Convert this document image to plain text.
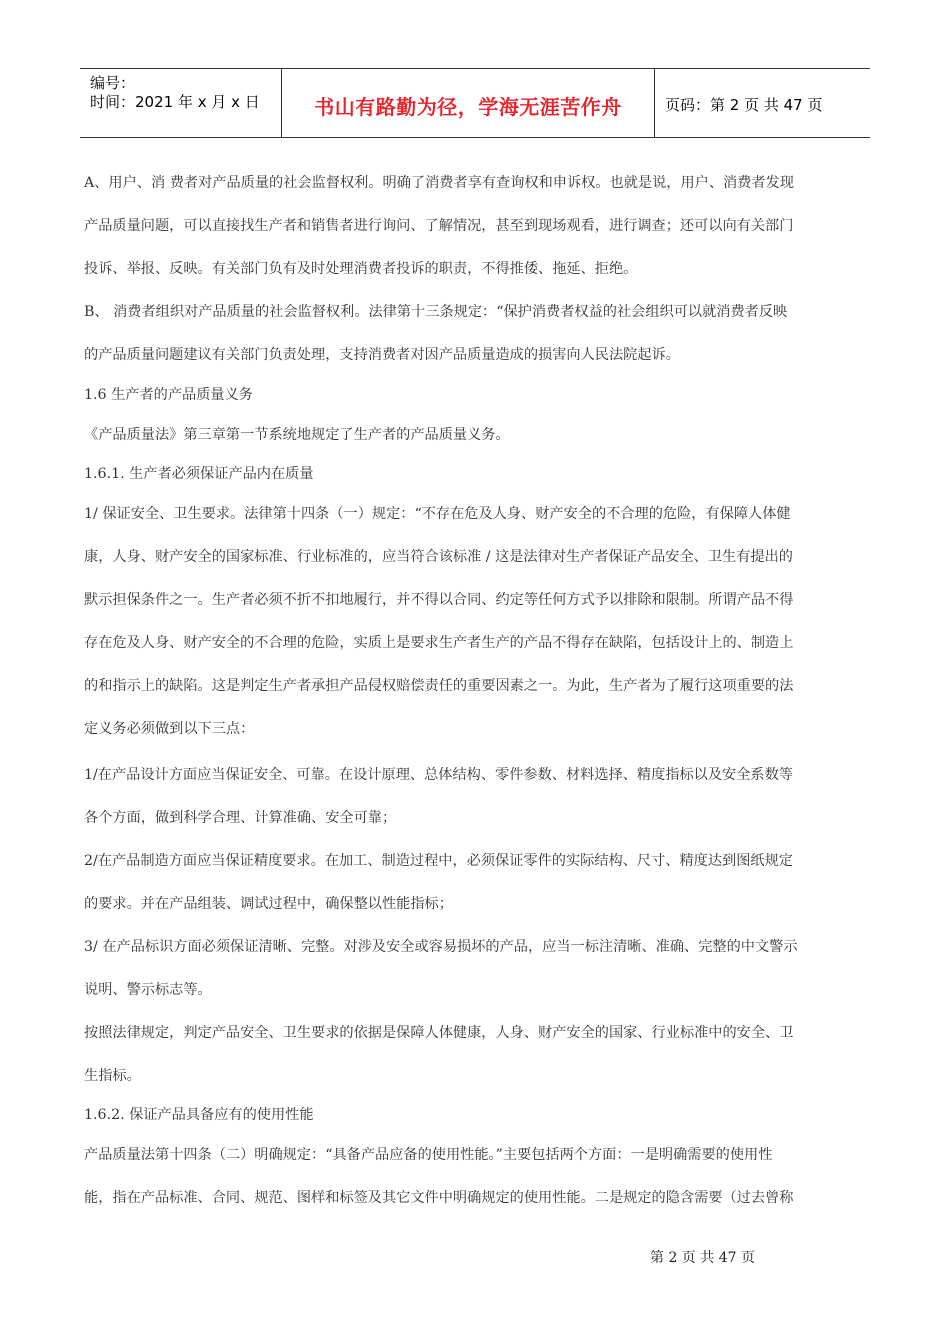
编号：
时间：2021 年 x 月 x 日	书山有路勤为径，学海无涯苦作舟	页码：第 2 页 共 47 页
A、用户、消 费者对产品质量的社会监督权利。明确了消费者享有查询权和申诉权。也就是说，用户、消费者发现
产品质量问题，可以直接找生产者和销售者进行询问、了解情况，甚至到现场观看，进行调查；还可以向有关部门
投诉、举报、反映。有关部门负有及时处理消费者投诉的职责，不得推倭、拖延、拒绝。
B、 消费者组织对产品质量的社会监督权利。法律第十三条规定：“保护消费者权益的社会组织可以就消费者反映
的产品质量问题建议有关部门负责处理，支持消费者对因产品质量造成的损害向人民法院起诉。
1.6 生产者的产品质量义务
《产品质量法》第三章第一节系统地规定了生产者的产品质量义务。
1.6.1. 生产者必须保证产品内在质量
1/ 保证安全、卫生要求。法律第十四条（一）规定：“不存在危及人身、财产安全的不合理的危险，有保障人体健
康，人身、财产安全的国家标准、行业标准的，应当符合该标准 / 这是法律对生产者保证产品安全、卫生有提出的
默示担保条件之一。生产者必须不折不扣地履行，并不得以合同、约定等任何方式予以排除和限制。所谓产品不得
存在危及人身、财产安全的不合理的危险，实质上是要求生产者生产的产品不得存在缺陷，包括设计上的、制造上
的和指示上的缺陷。这是判定生产者承担产品侵权赔偿责任的重要因素之一。为此，生产者为了履行这项重要的法
定义务必须做到以下三点：
1/在产品设计方面应当保证安全、可靠。在设计原理、总体结构、零件参数、材料选择、精度指标以及安全系数等
各个方面，做到科学合理、计算准确、安全可靠；
2/在产品制造方面应当保证精度要求。在加工、制造过程中，必须保证零件的实际结构、尺寸、精度达到图纸规定
的要求。并在产品组装、调试过程中，确保整以性能指标；
3/ 在产品标识方面必须保证清晰、完整。对涉及安全或容易损坏的产品，应当一标注清晰、准确、完整的中文警示
说明、警示标志等。
按照法律规定，判定产品安全、卫生要求的依据是保障人体健康，人身、财产安全的国家、行业标准中的安全、卫
生指标。
1.6.2. 保证产品具备应有的使用性能
产品质量法第十四条（二）明确规定：“具备产品应备的使用性能。”主要包括两个方面：一是明确需要的使用性
能，指在产品标准、合同、规范、图样和标签及其它文件中明确规定的使用性能。二是规定的隐含需要（过去曾称
第 2 页 共 47 页
